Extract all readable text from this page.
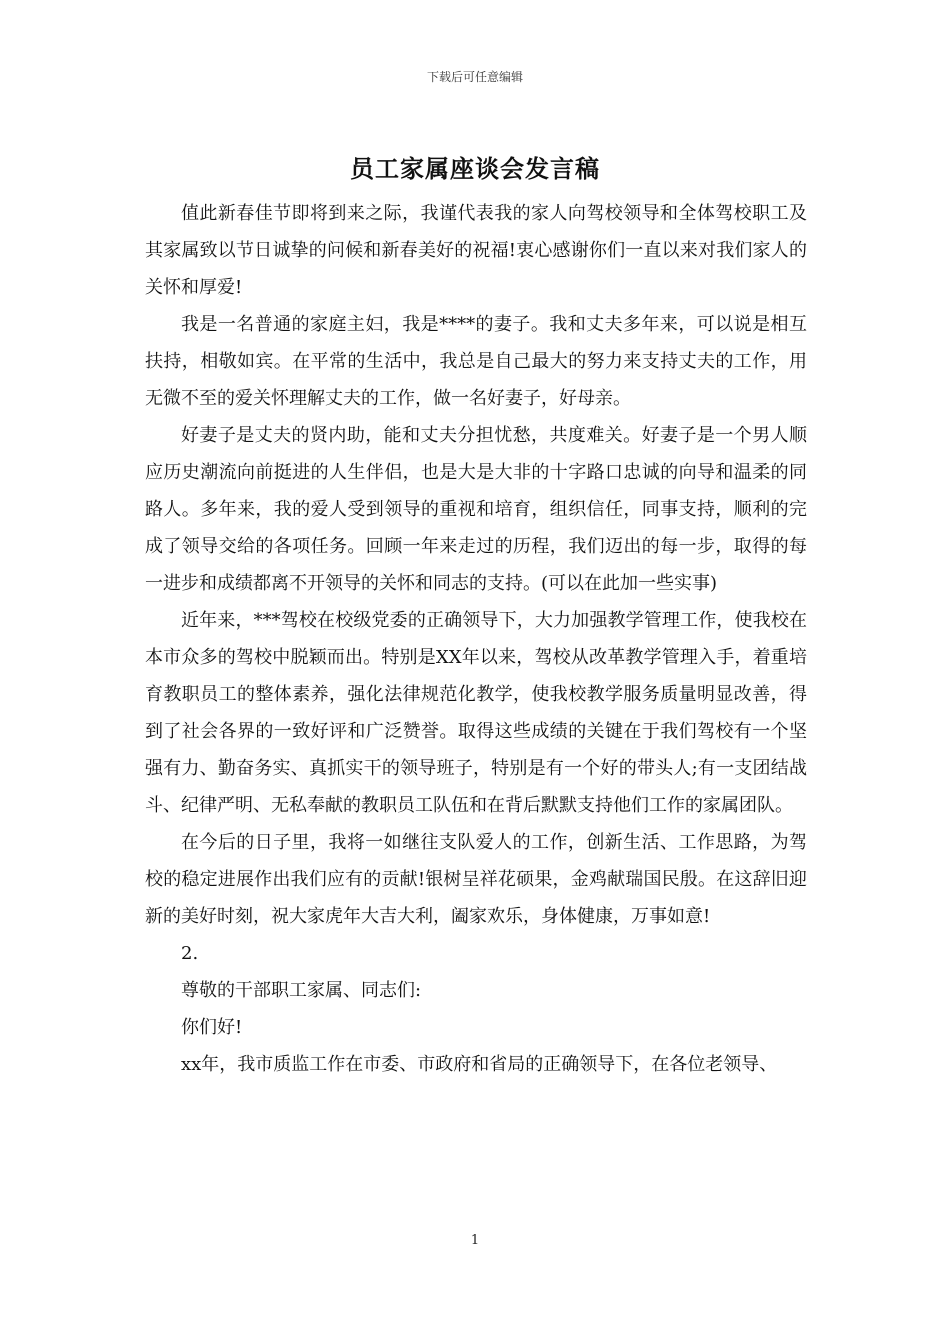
下载后可任意编辑
员工家属座谈会发言稿

值此新春佳节即将到来之际，我谨代表我的家人向驾校领导和全体驾校职工及其家属致以节日诚挚的问候和新春美好的祝福!衷心感谢你们一直以来对我们家人的关怀和厚爱!

我是一名普通的家庭主妇，我是****的妻子。我和丈夫多年来，可以说是相互扶持，相敬如宾。在平常的生活中，我总是自己最大的努力来支持丈夫的工作，用无微不至的爱关怀理解丈夫的工作，做一名好妻子，好母亲。

好妻子是丈夫的贤内助，能和丈夫分担忧愁，共度难关。好妻子是一个男人顺应历史潮流向前挺进的人生伴侣，也是大是大非的十字路口忠诚的向导和温柔的同路人。多年来，我的爱人受到领导的重视和培育，组织信任，同事支持，顺利的完成了领导交给的各项任务。回顾一年来走过的历程，我们迈出的每一步，取得的每一进步和成绩都离不开领导的关怀和同志的支持。(可以在此加一些实事)

近年来，***驾校在校级党委的正确领导下，大力加强教学管理工作，使我校在本市众多的驾校中脱颖而出。特别是XX年以来，驾校从改革教学管理入手，着重培育教职员工的整体素养，强化法律规范化教学，使我校教学服务质量明显改善，得到了社会各界的一致好评和广泛赞誉。取得这些成绩的关键在于我们驾校有一个坚强有力、勤奋务实、真抓实干的领导班子，特别是有一个好的带头人;有一支团结战斗、纪律严明、无私奉献的教职员工队伍和在背后默默支持他们工作的家属团队。

在今后的日子里，我将一如继往支队爱人的工作，创新生活、工作思路，为驾校的稳定进展作出我们应有的贡献!银树呈祥花硕果，金鸡献瑞国民殷。在这辞旧迎新的美好时刻，祝大家虎年大吉大利，阖家欢乐，身体健康，万事如意!

2.

尊敬的干部职工家属、同志们:

你们好!

xx年，我市质监工作在市委、市政府和省局的正确领导下，在各位老领导、

1
